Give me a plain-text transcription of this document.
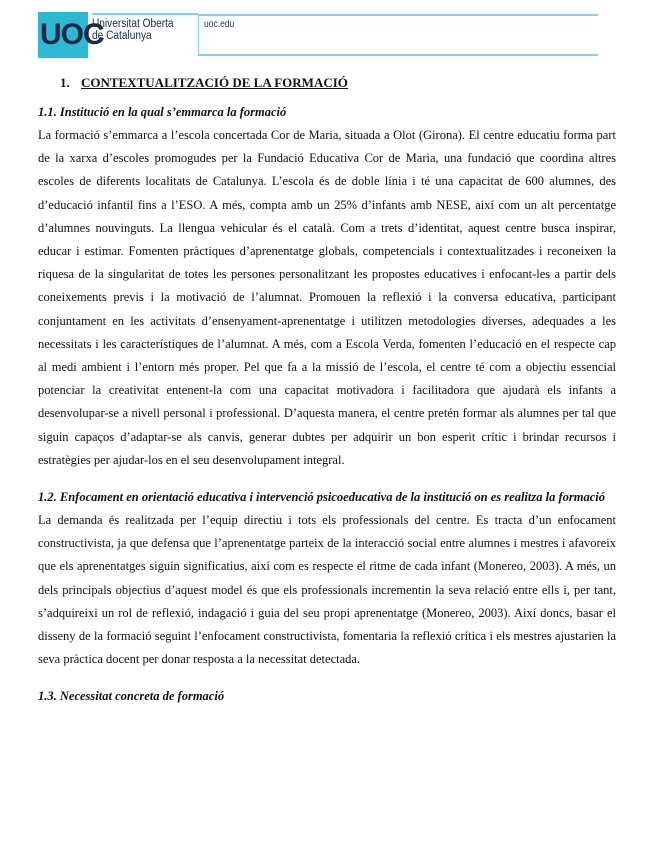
UOC
Universitat Oberta
de Catalunya
uoc.edu
1. CONTEXTUALITZACIÓ DE LA FORMACIÓ
1.1. Institució en la qual s’emmarca la formació

La formació s’emmarca a l’escola concertada Cor de Maria, situada a Olot (Girona). El centre educatiu forma part de la xarxa d’escoles promogudes per la Fundació Educativa Cor de Maria, una fundació que coordina altres escoles de diferents localitats de Catalunya. L’escola és de doble línia i té una capacitat de 600 alumnes, des d’educació infantil fins a l’ESO. A més, compta amb un 25% d’infants amb NESE, així com un alt percentatge d’alumnes nouvinguts. La llengua vehicular és el català. Com a trets d’identitat, aquest centre busca inspirar, educar i estimar. Fomenten pràctiques d’aprenentatge globals, competencials i contextualitzades i reconeixen la riquesa de la singularitat de totes les persones personalitzant les propostes educatives i enfocant-les a partir dels coneixements previs i la motivació de l’alumnat. Promouen la reflexió i la conversa educativa, participant conjuntament en les activitats d’ensenyament-aprenentatge i utilitzen metodologies diverses, adequades a les necessitats i les característiques de l’alumnat. A més, com a Escola Verda, fomenten l’educació en el respecte cap al medi ambient i l’entorn més proper. Pel que fa a la missió de l’escola, el centre té com a objectiu essencial potenciar la creativitat entenent-la com una capacitat motivadora i facilitadora que ajudarà els infants a desenvolupar-se a nivell personal i professional. D’aquesta manera, el centre pretén formar als alumnes per tal que siguin capaços d’adaptar-se als canvis, generar dubtes per adquirir un bon esperit crític i brindar recursos i estratègies per ajudar-los en el seu desenvolupament integral.

1.2. Enfocament en orientació educativa i intervenció psicoeducativa de la institució on es realitza la formació

La demanda és realitzada per l’equip directiu i tots els professionals del centre. Es tracta d’un enfocament constructivista, ja que defensa que l’aprenentatge parteix de la interacció social entre alumnes i mestres i afavoreix que els aprenentatges siguin significatius, així com es respecte el ritme de cada infant (Monereo, 2003). A més, un dels principals objectius d’aquest model és que els professionals incrementin la seva relació entre ells i, per tant, s’adquireixi un rol de reflexió, indagació i guia del seu propi aprenentatge (Monereo, 2003). Així doncs, basar el disseny de la formació seguint l’enfocament constructivista, fomentaria la reflexió crítica i els mestres ajustarien la seva pràctica docent per donar resposta a la necessitat detectada.

1.3. Necessitat concreta de formació
